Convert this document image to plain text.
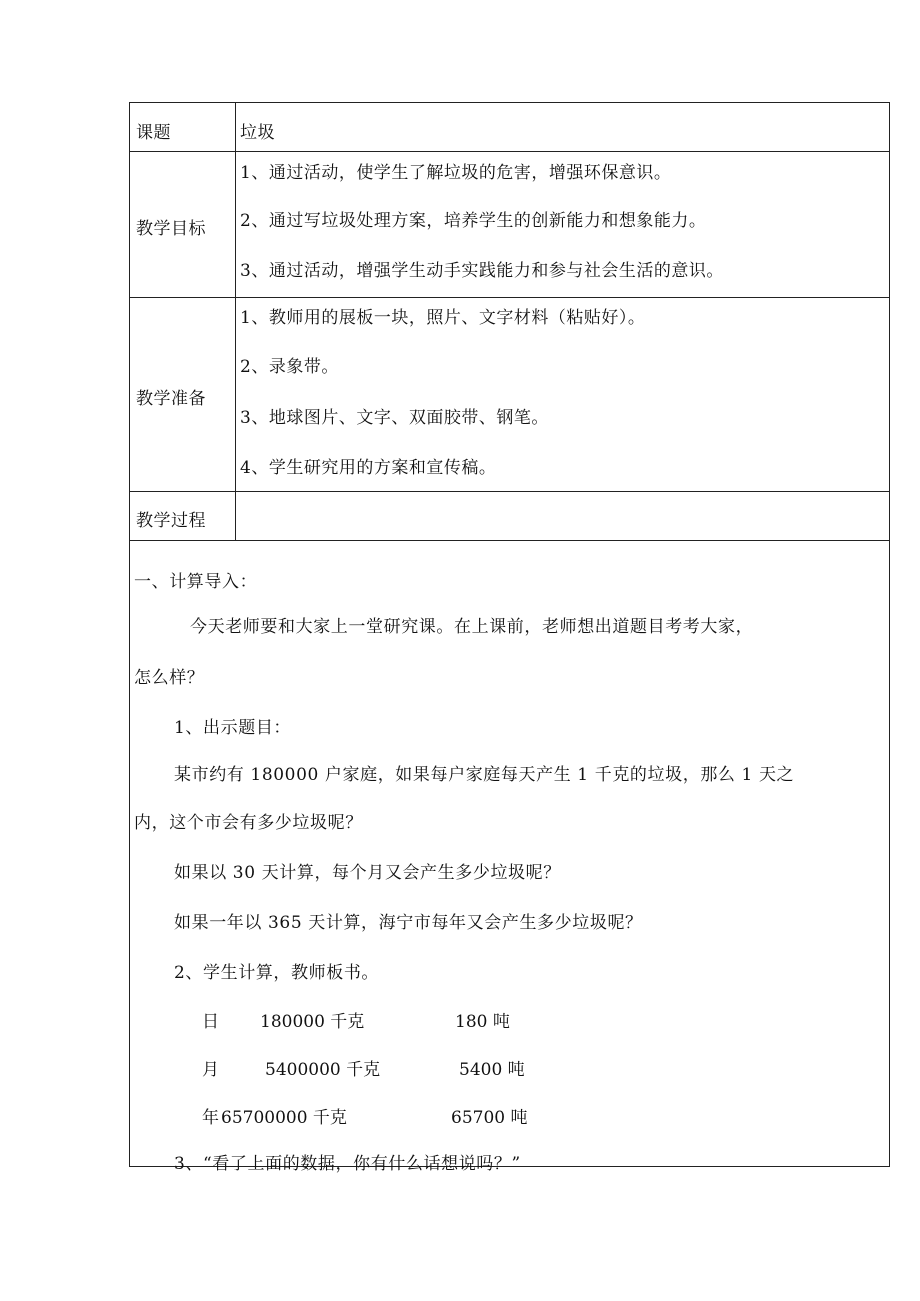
课题	垃圾
教学目标
1、通过活动，使学生了解垃圾的危害，增强环保意识。
2、通过写垃圾处理方案，培养学生的创新能力和想象能力。
3、通过活动，增强学生动手实践能力和参与社会生活的意识。
教学准备
1、教师用的展板一块，照片、文字材料（粘贴好）。
2、录象带。
3、地球图片、文字、双面胶带、钢笔。
4、学生研究用的方案和宣传稿。
教学过程
一、计算导入：
今天老师要和大家上一堂研究课。在上课前，老师想出道题目考考大家，
怎么样？
1、出示题目：
某市约有 180000 户家庭，如果每户家庭每天产生 1 千克的垃圾，那么 1 天之
内，这个市会有多少垃圾呢？
如果以 30 天计算，每个月又会产生多少垃圾呢？
如果一年以 365 天计算，海宁市每年又会产生多少垃圾呢？
2、学生计算，教师板书。
日 180000 千克	180 吨
月	5400000 千克	5400 吨
年 65700000 千克	65700 吨
3、“看了上面的数据，你有什么话想说吗？”
